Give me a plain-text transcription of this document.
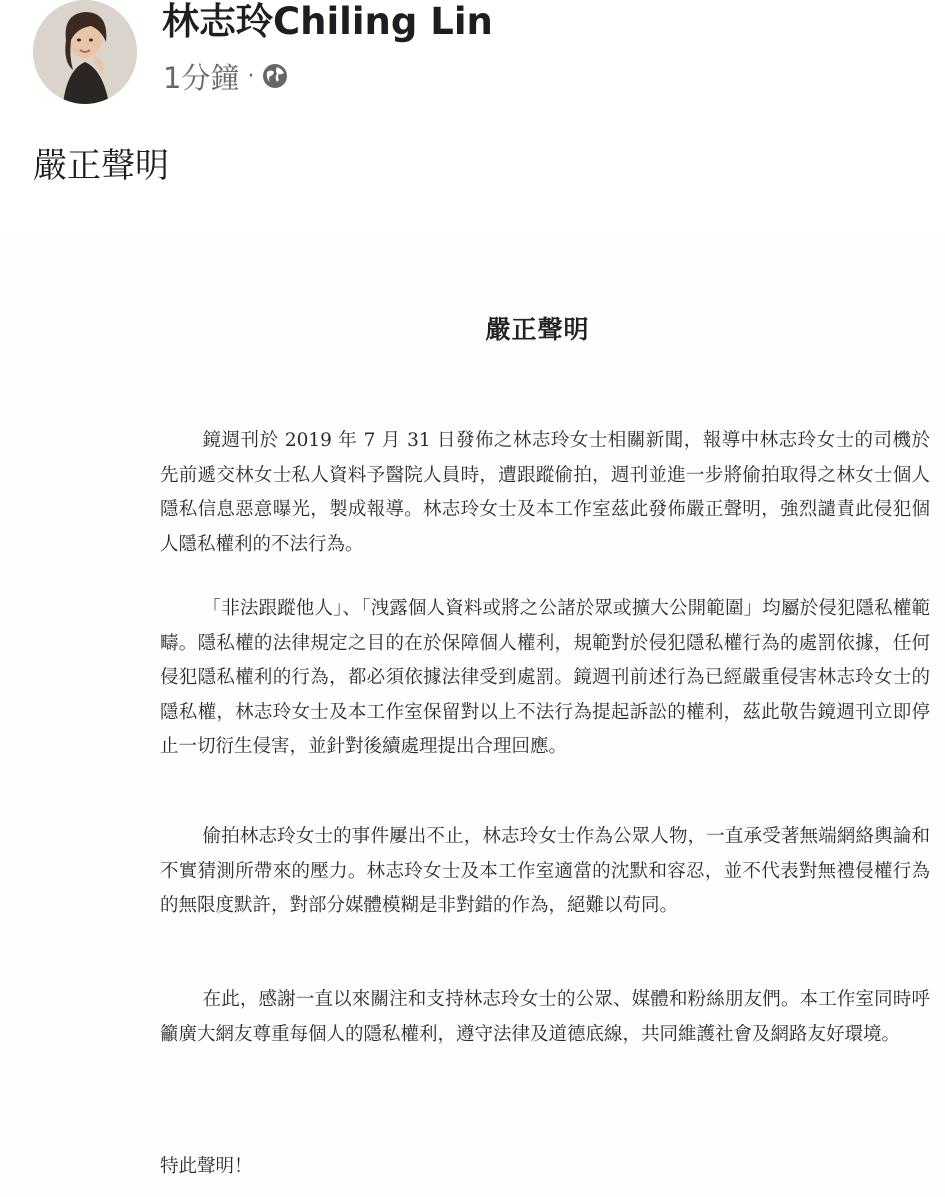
林志玲Chiling Lin
1分鐘 ·
嚴正聲明
嚴正聲明

鏡週刊於 2019 年 7 月 31 日發佈之林志玲女士相關新聞，報導中林志玲女士的司機於先前遞交林女士私人資料予醫院人員時，遭跟蹤偷拍，週刊並進一步將偷拍取得之林女士個人隱私信息惡意曝光，製成報導。林志玲女士及本工作室茲此發佈嚴正聲明，強烈譴責此侵犯個人隱私權利的不法行為。

「非法跟蹤他人」、「洩露個人資料或將之公諸於眾或擴大公開範圍」均屬於侵犯隱私權範疇。隱私權的法律規定之目的在於保障個人權利，規範對於侵犯隱私權行為的處罰依據，任何侵犯隱私權利的行為，都必須依據法律受到處罰。鏡週刊前述行為已經嚴重侵害林志玲女士的隱私權，林志玲女士及本工作室保留對以上不法行為提起訴訟的權利，茲此敬告鏡週刊立即停止一切衍生侵害，並針對後續處理提出合理回應。

偷拍林志玲女士的事件屢出不止，林志玲女士作為公眾人物，一直承受著無端網絡輿論和不實猜測所帶來的壓力。林志玲女士及本工作室適當的沈默和容忍，並不代表對無禮侵權行為的無限度默許，對部分媒體模糊是非對錯的作為，絕難以苟同。

在此，感謝一直以來關注和支持林志玲女士的公眾、媒體和粉絲朋友們。本工作室同時呼籲廣大網友尊重每個人的隱私權利，遵守法律及道德底線，共同維護社會及網路友好環境。

特此聲明！
